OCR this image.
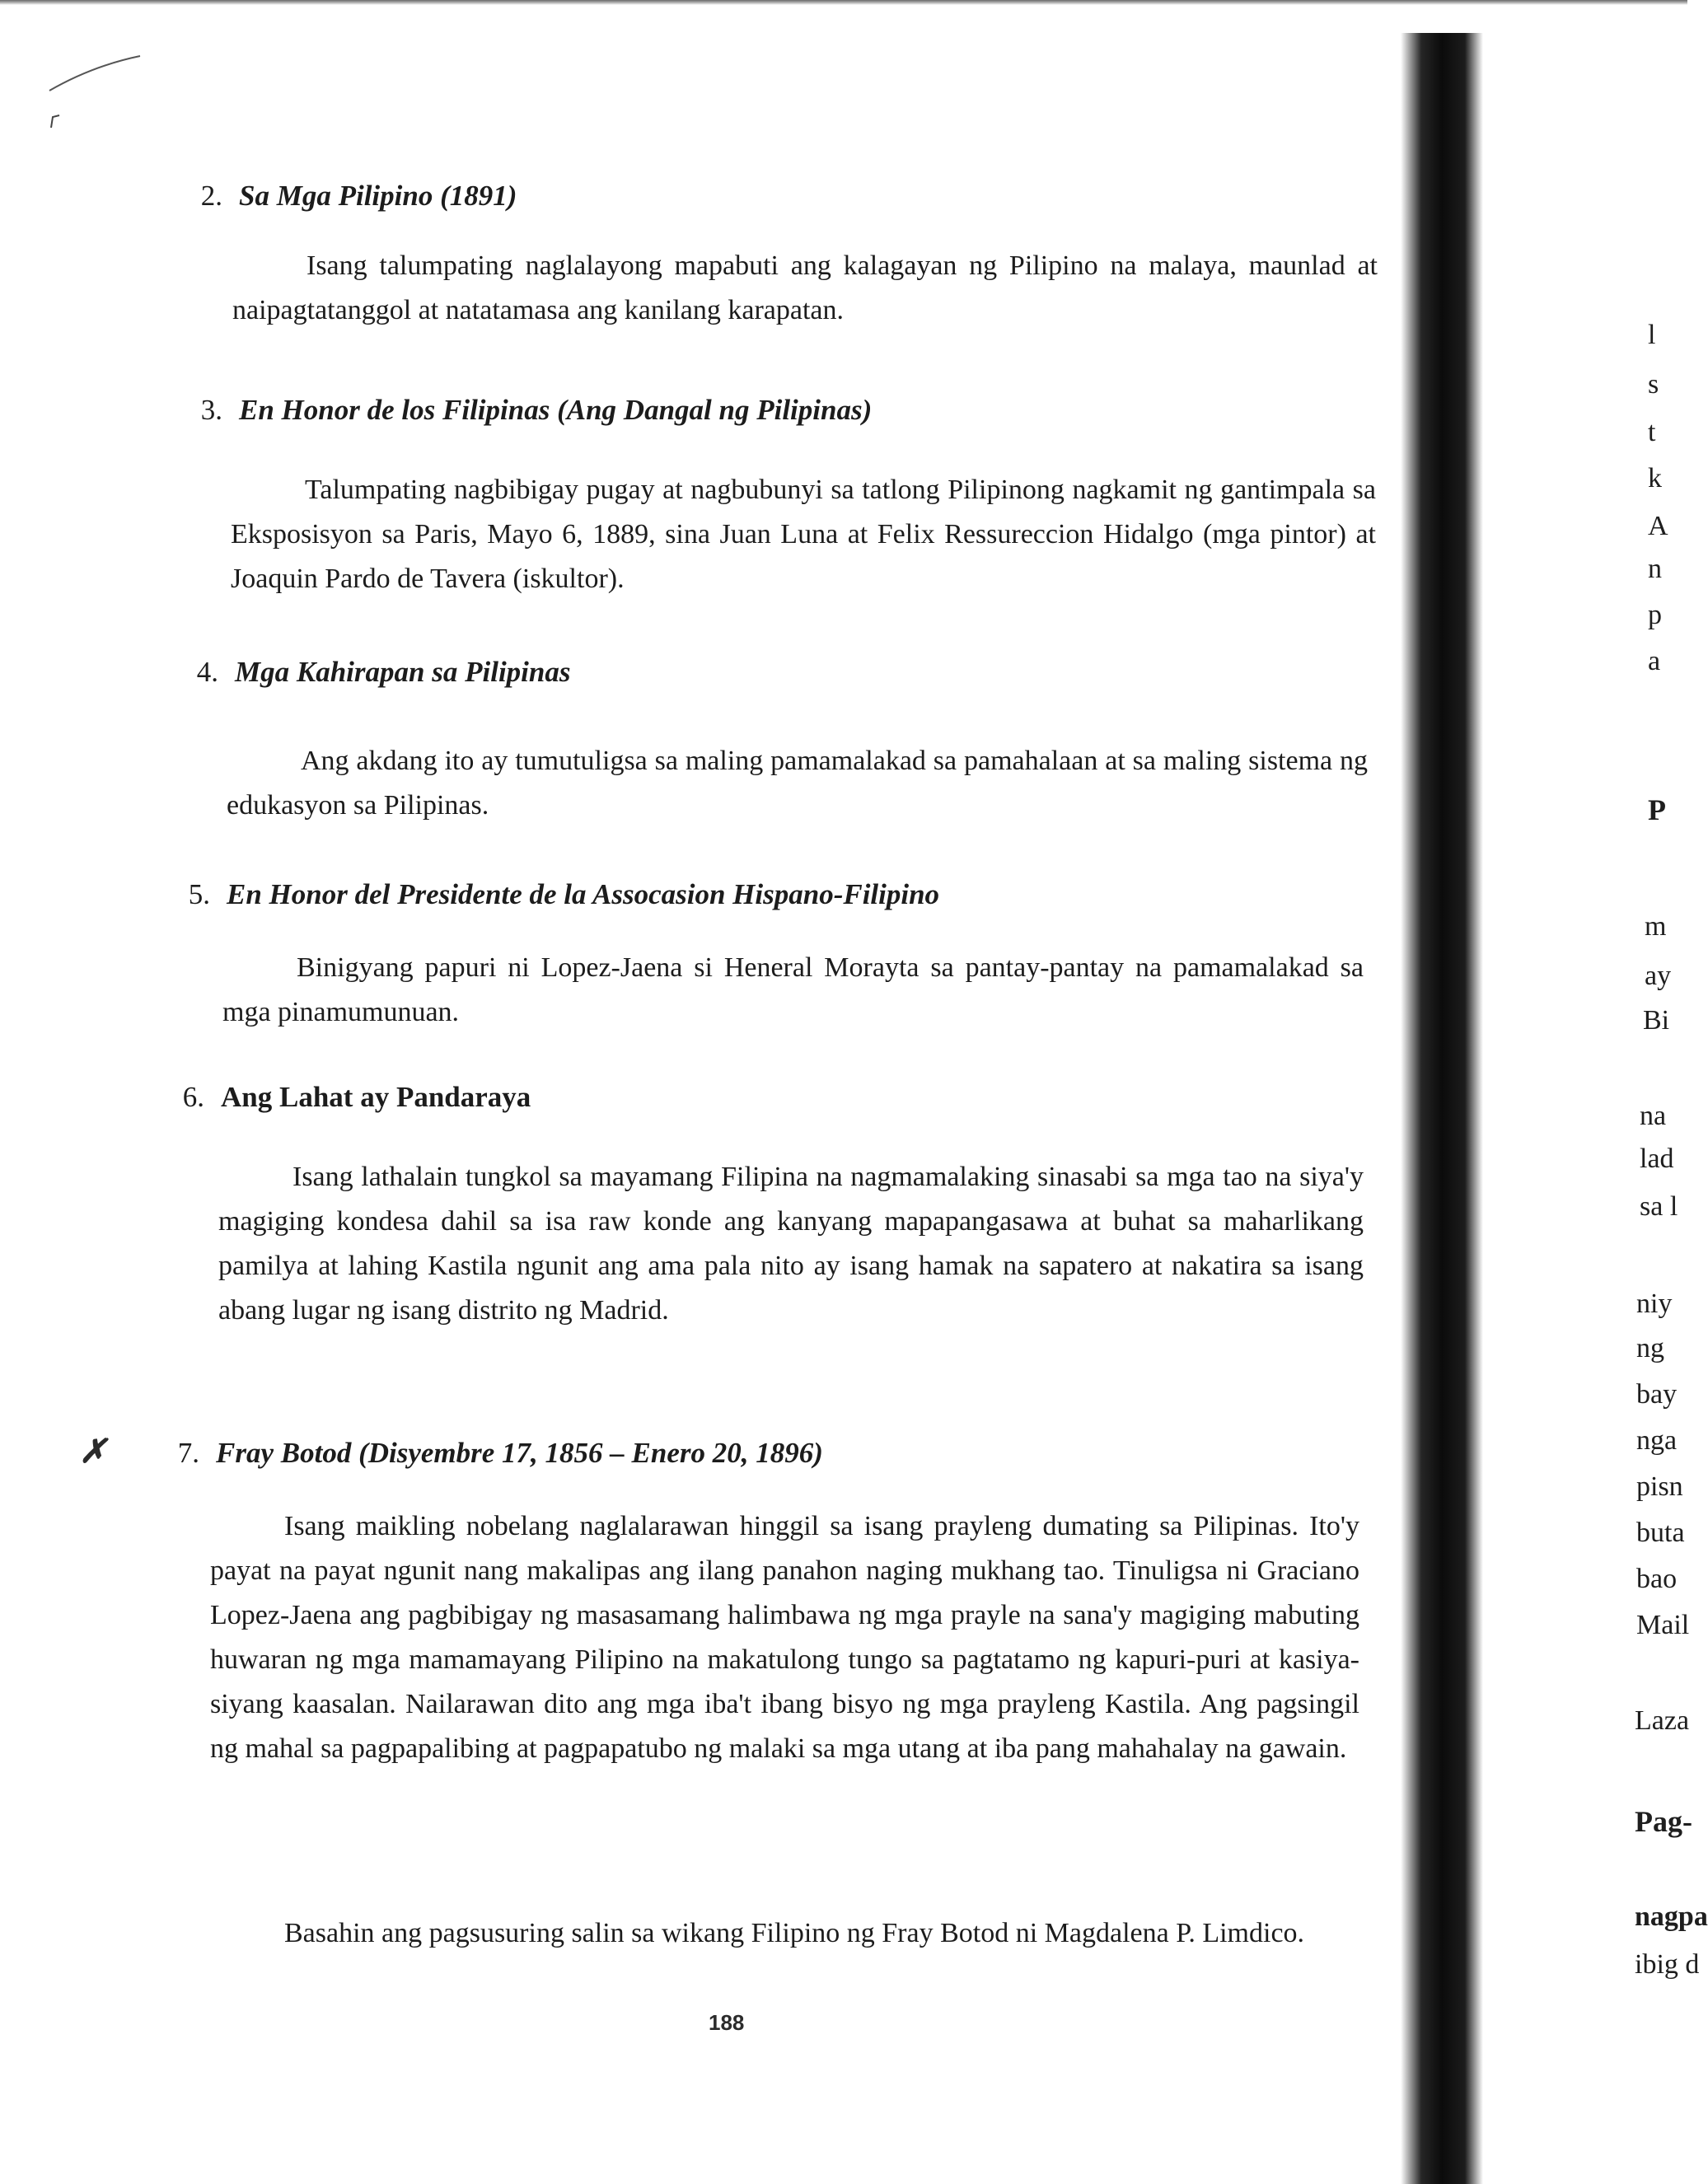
2. Sa Mga Pilipino (1891)

Isang talumpating naglalayong mapabuti ang kalagayan ng Pilipino na malaya, maunlad at naipagtatanggol at natatamasa ang kanilang karapatan.

3. En Honor de los Filipinas (Ang Dangal ng Pilipinas)

Talumpating nagbibigay pugay at nagbubunyi sa tatlong Pilipinong nagkamit ng gantimpala sa Eksposisyon sa Paris, Mayo 6, 1889, sina Juan Luna at Felix Ressureccion Hidalgo (mga pintor) at Joaquin Pardo de Tavera (iskultor).

4. Mga Kahirapan sa Pilipinas

Ang akdang ito ay tumutuligsa sa maling pamamalakad sa pamahalaan at sa maling sistema ng edukasyon sa Pilipinas.

5. En Honor del Presidente de la Assocasion Hispano-Filipino

Binigyang papuri ni Lopez-Jaena si Heneral Morayta sa pantay-pantay na pamamalakad sa mga pinamumunuan.

6. Ang Lahat ay Pandaraya

Isang lathalain tungkol sa mayamang Filipina na nagmamalaking sinasabi sa mga tao na siya'y magiging kondesa dahil sa isa raw konde ang kanyang mapapangasawa at buhat sa maharlikang pamilya at lahing Kastila ngunit ang ama pala nito ay isang hamak na sapatero at nakatira sa isang abang lugar ng isang distrito ng Madrid.

✗	7. Fray Botod (Disyembre 17, 1856 – Enero 20, 1896)

Isang maikling nobelang naglalarawan hinggil sa isang prayleng dumating sa Pilipinas. Ito'y payat na payat ngunit nang makalipas ang ilang panahon naging mukhang tao. Tinuligsa ni Graciano Lopez-Jaena ang pagbibigay ng masasamang halimbawa ng mga prayle na sana'y magiging mabuting huwaran ng mga mamamayang Pilipino na makatulong tungo sa pagtatamo ng kapuri-puri at kasiya-siyang kaasalan. Nailarawan dito ang mga iba't ibang bisyo ng mga prayleng Kastila. Ang pagsingil ng mahal sa pagpapalibing at pagpapatubo ng malaki sa mga utang at iba pang mahahalay na gawain.

Basahin ang pagsusuring salin sa wikang Filipino ng Fray Botod ni Magdalena P. Limdico.

188
l
s
t
k
A
n
p
a
P
m
ay
Bi
na
lad
sa l
niy
ng
bay
nga
pisn
buta
bao
Mail
Laza
Pag-
nagpa
ibig d
